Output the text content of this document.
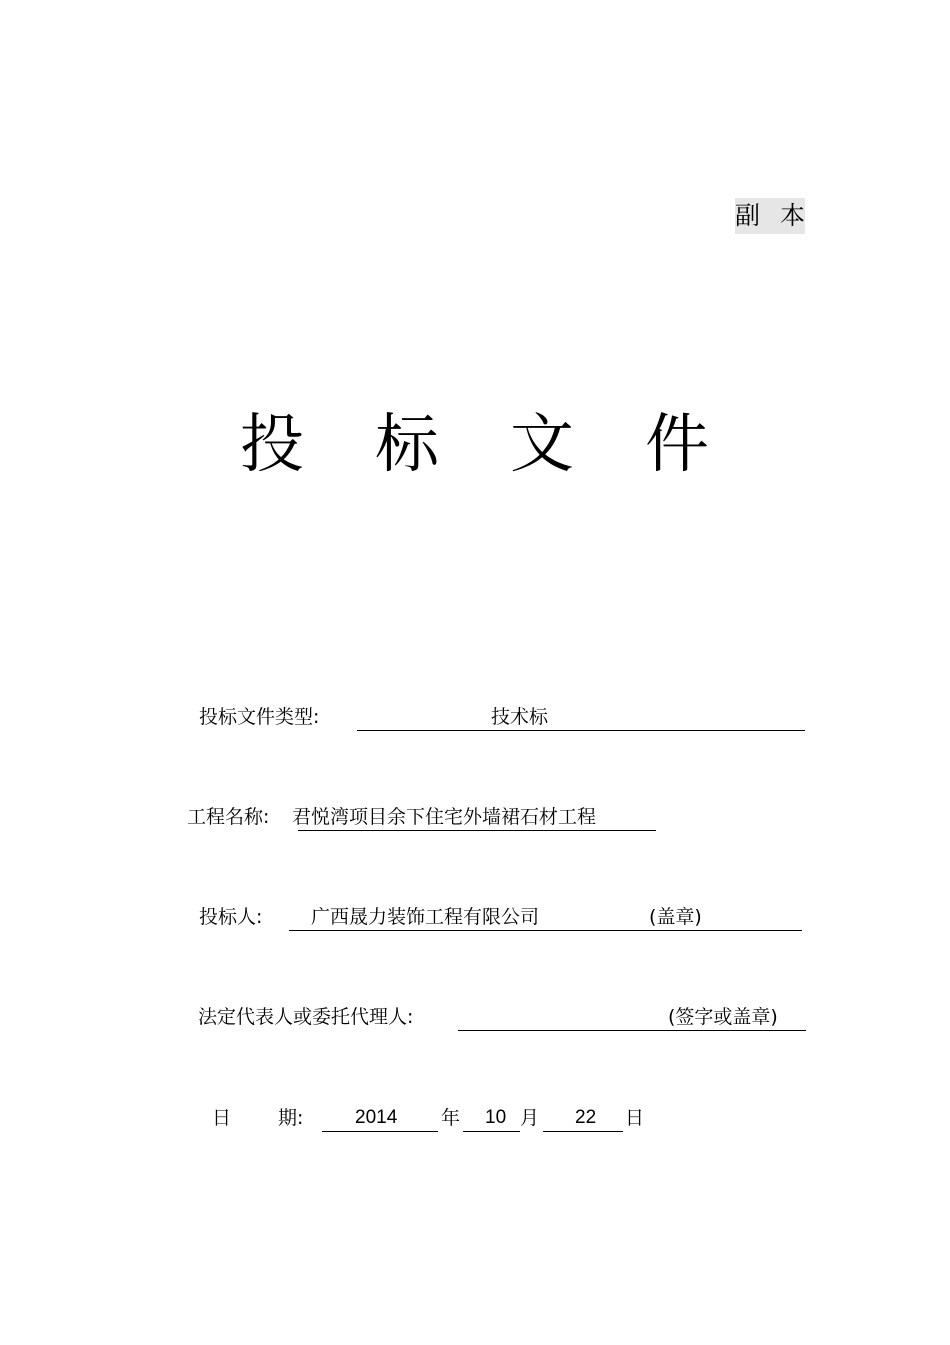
副 本
投 标 文 件
投标文件类型:	技术标
工程名称: 君悦湾项目余下住宅外墙裙石材工程
投标人:	广西晟力装饰工程有限公司	(盖章)
法定代表人或委托代理人:	(签字或盖章)
日 期:	2014 年 10 月 22 日
